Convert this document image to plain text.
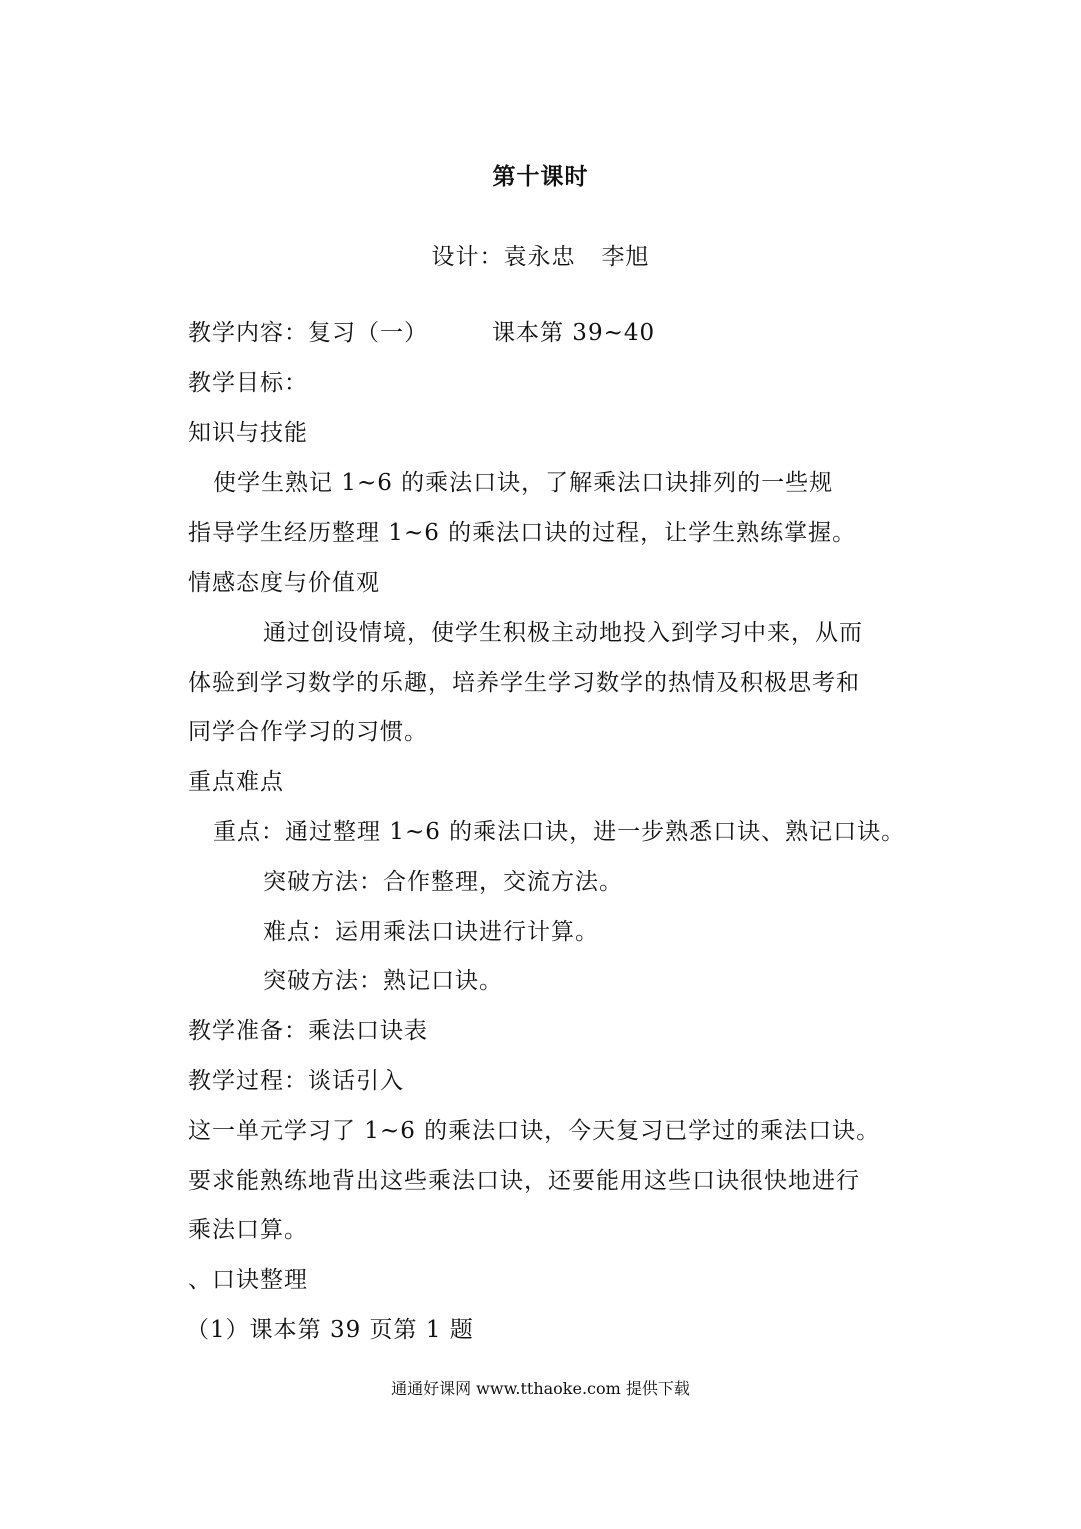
第十课时
设计：袁永忠 李旭
教学内容：复习（一）	课本第 39~40
教学目标：
知识与技能
使学生熟记 1~6 的乘法口诀，了解乘法口诀排列的一些规
指导学生经历整理 1~6 的乘法口诀的过程，让学生熟练掌握。
情感态度与价值观
通过创设情境，使学生积极主动地投入到学习中来，从而
体验到学习数学的乐趣，培养学生学习数学的热情及积极思考和
同学合作学习的习惯。
重点难点
重点：通过整理 1~6 的乘法口诀，进一步熟悉口诀、熟记口诀。
突破方法：合作整理，交流方法。
难点：运用乘法口诀进行计算。
突破方法：熟记口诀。
教学准备：乘法口诀表
教学过程：谈话引入
这一单元学习了 1~6 的乘法口诀，今天复习已学过的乘法口诀。
要求能熟练地背出这些乘法口诀，还要能用这些口诀很快地进行
乘法口算。
、口诀整理
（1）课本第 39 页第 1 题
通通好课网 www.tthaoke.com 提供下载
